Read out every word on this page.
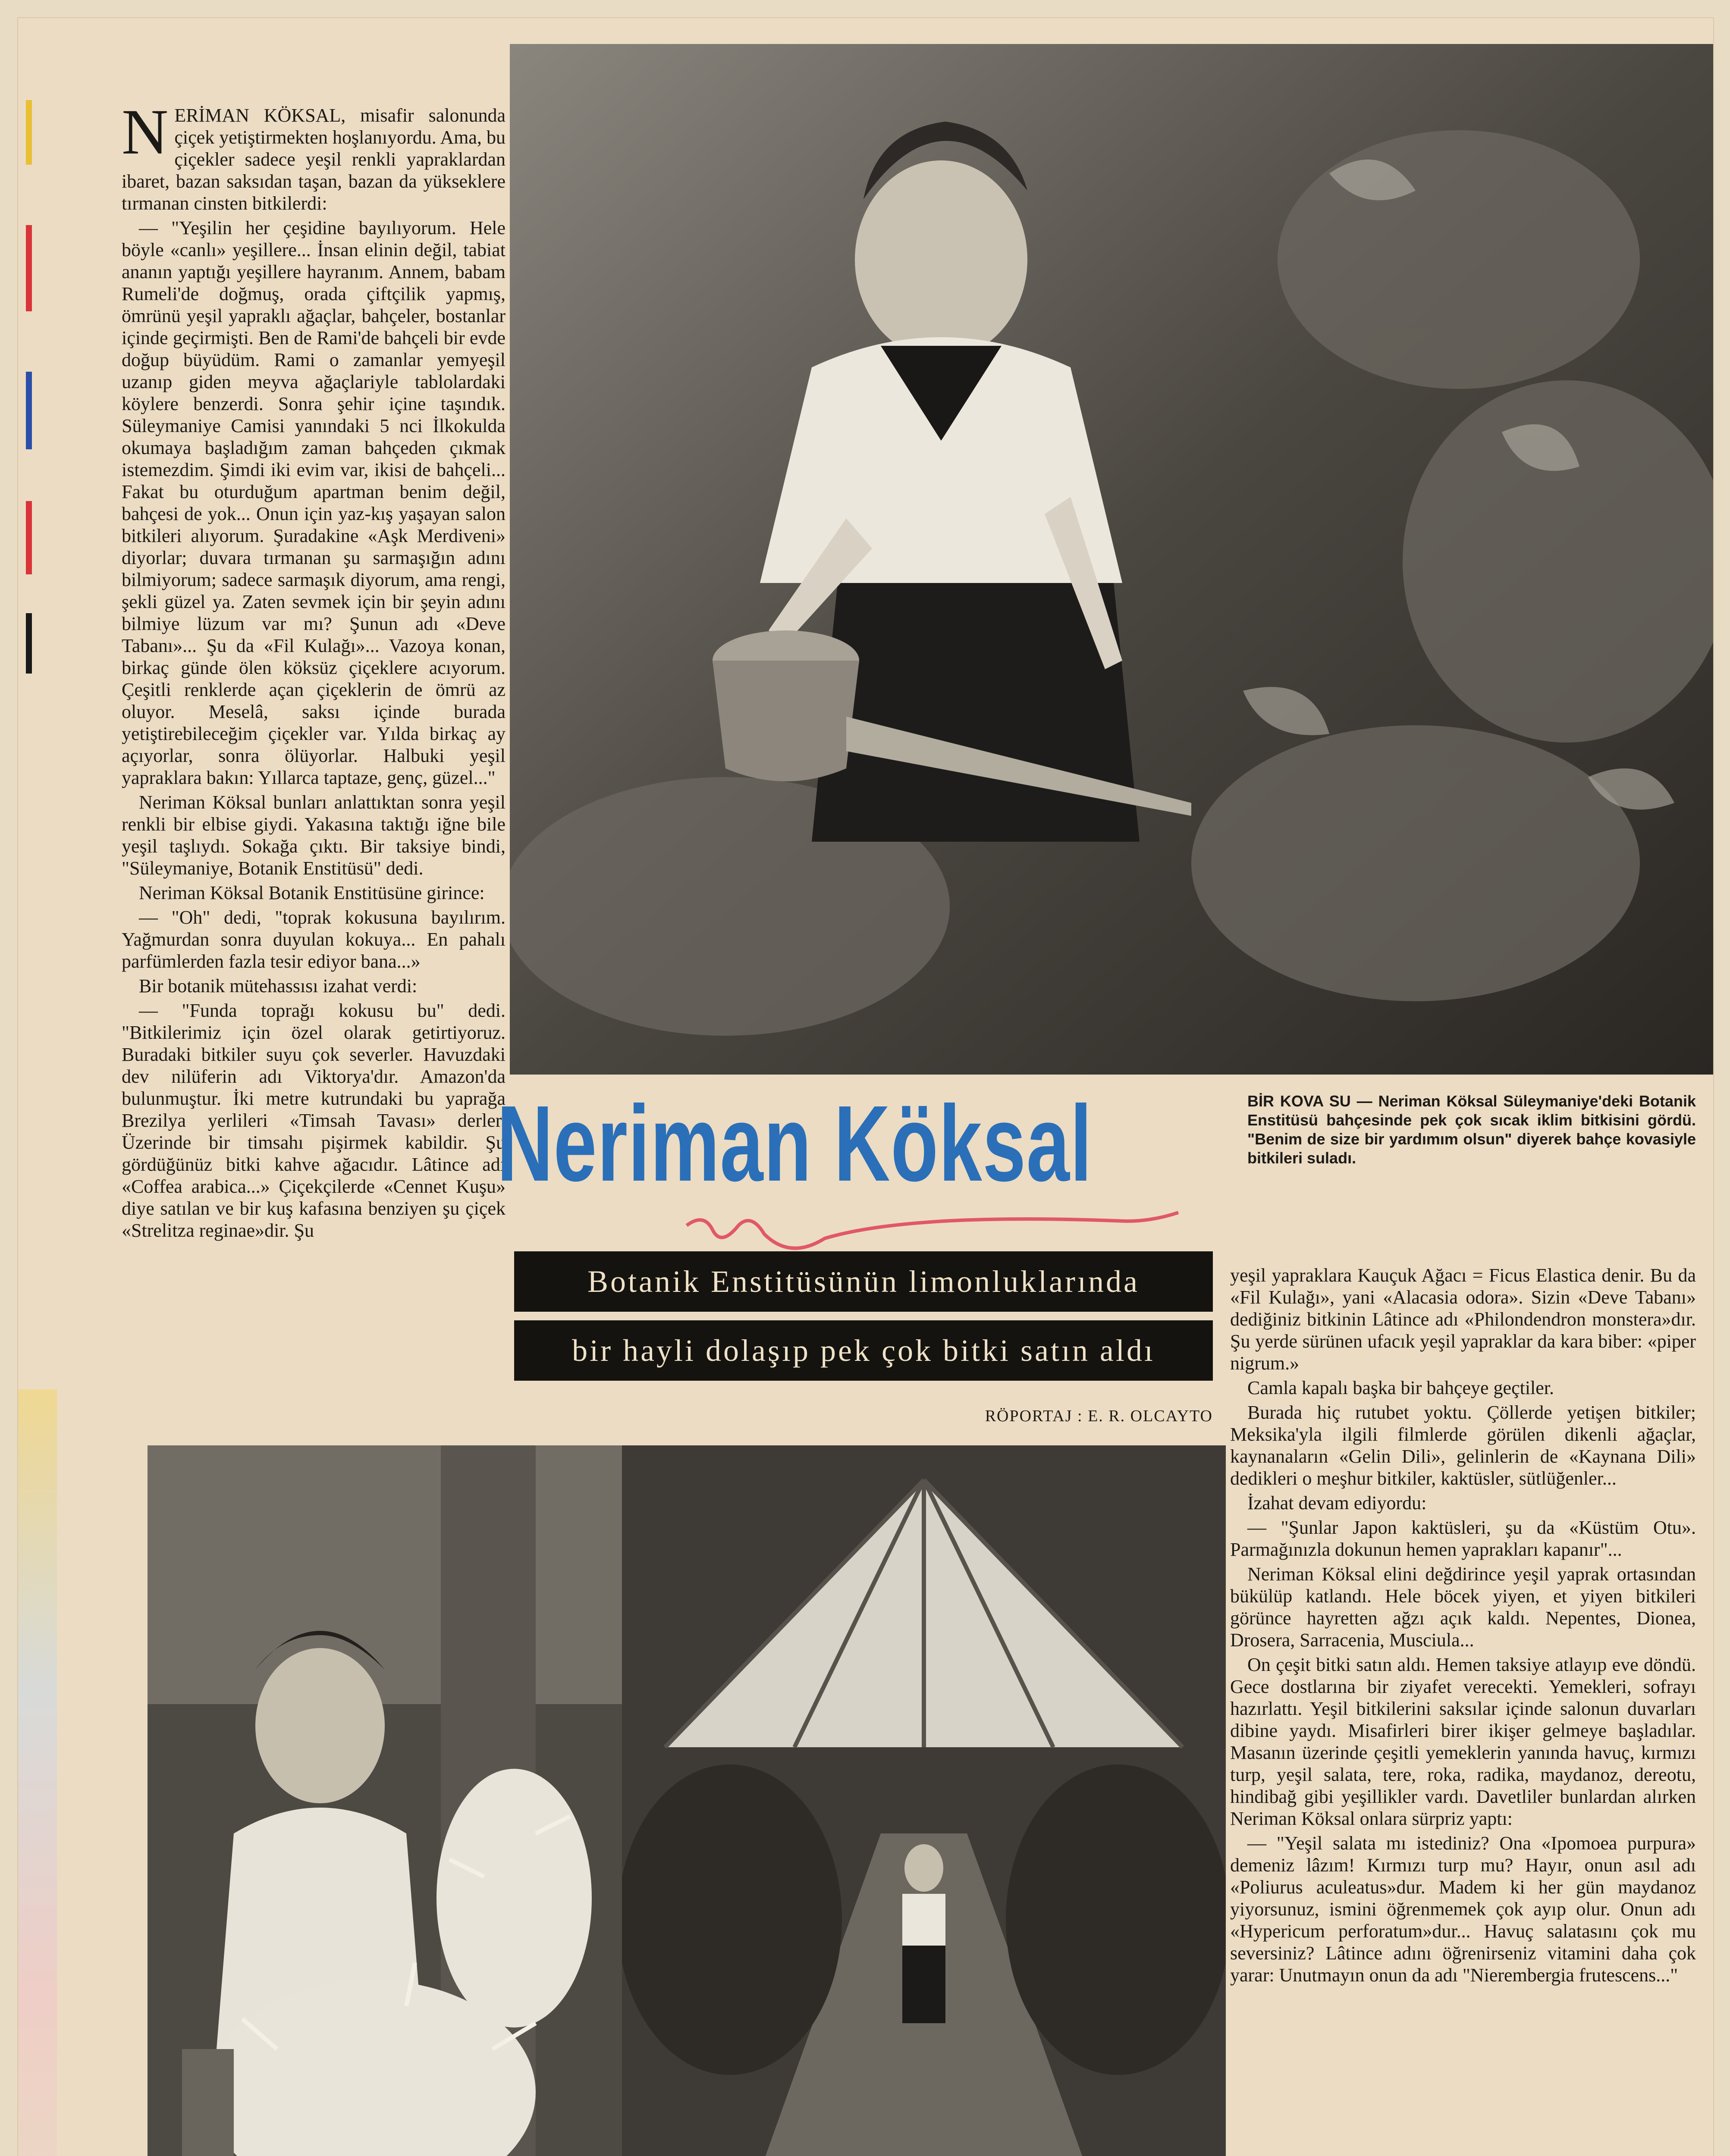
NERİMAN KÖKSAL, misafir salonunda çiçek yetiştirmekten hoşlanıyordu. Ama, bu çiçekler sadece yeşil renkli yapraklardan ibaret, bazan saksıdan taşan, bazan da yükseklere tırmanan cinsten bitkilerdi:

— "Yeşilin her çeşidine bayılıyorum. Hele böyle «canlı» yeşillere... İnsan elinin değil, tabiat ananın yaptığı yeşillere hayranım. Annem, babam Rumeli'de doğmuş, orada çiftçilik yapmış, ömrünü yeşil yapraklı ağaçlar, bahçeler, bostanlar içinde geçirmişti. Ben de Rami'de bahçeli bir evde doğup büyüdüm. Rami o zamanlar yemyeşil uzanıp giden meyva ağaçlariyle tablolardaki köylere benzerdi. Sonra şehir içine taşındık. Süleymaniye Camisi yanındaki 5 nci İlkokulda okumaya başladığım zaman bahçeden çıkmak istemezdim. Şimdi iki evim var, ikisi de bahçeli... Fakat bu oturduğum apartman benim değil, bahçesi de yok... Onun için yaz-kış yaşayan salon bitkileri alıyorum. Şuradakine «Aşk Merdiveni» diyorlar; duvara tırmanan şu sarmaşığın adını bilmiyorum; sadece sarmaşık diyorum, ama rengi, şekli güzel ya. Zaten sevmek için bir şeyin adını bilmiye lüzum var mı? Şunun adı «Deve Tabanı»... Şu da «Fil Kulağı»... Vazoya konan, birkaç günde ölen köksüz çiçeklere acıyorum. Çeşitli renklerde açan çiçeklerin de ömrü az oluyor. Meselâ, saksı içinde burada yetiştirebileceğim çiçekler var. Yılda birkaç ay açıyorlar, sonra ölüyorlar. Halbuki yeşil yapraklara bakın: Yıllarca taptaze, genç, güzel..."

Neriman Köksal bunları anlattıktan sonra yeşil renkli bir elbise giydi. Yakasına taktığı iğne bile yeşil taşlıydı. Sokağa çıktı. Bir taksiye bindi, "Süleymaniye, Botanik Enstitüsü" dedi.

Neriman Köksal Botanik Enstitüsüne girince:

— "Oh" dedi, "toprak kokusuna bayılırım. Yağmurdan sonra duyulan kokuya... En pahalı parfümlerden fazla tesir ediyor bana...»

Bir botanik mütehassısı izahat verdi:

— "Funda toprağı kokusu bu" dedi. "Bitkilerimiz için özel olarak getirtiyoruz. Buradaki bitkiler suyu çok severler. Havuzdaki dev nilüferin adı Viktorya'dır. Amazon'da bulunmuştur. İki metre kutrundaki bu yaprağa Brezilya yerlileri «Timsah Tavası» derler. Üzerinde bir timsahı pişirmek kabildir. Şu gördüğünüz bitki kahve ağacıdır. Lâtince adı «Coffea arabica...» Çiçekçilerde «Cennet Kuşu» diye satılan ve bir kuş kafasına benziyen şu çiçek «Strelitza reginae»dir. Şu

BİR KOVA SU — Neriman Köksal Süleymaniye'deki Botanik Enstitüsü bahçesinde pek çok sıcak iklim bitkisini gördü. "Benim de size bir yardımım olsun" diyerek bahçe kovasiyle bitkileri suladı.
Neriman Köksal
Botanik Enstitüsünün limonluklarında
bir hayli dolaşıp pek çok bitki satın aldı
RÖPORTAJ : E. R. OLCAYTO

yeşil yapraklara Kauçuk Ağacı = Ficus Elastica denir. Bu da «Fil Kulağı», yani «Alacasia odora». Sizin «Deve Tabanı» dediğiniz bitkinin Lâtince adı «Philondendron monstera»dır. Şu yerde sürünen ufacık yeşil yapraklar da kara biber: «piper nigrum.»

Camla kapalı başka bir bahçeye geçtiler.

Burada hiç rutubet yoktu. Çöllerde yetişen bitkiler; Meksika'yla ilgili filmlerde görülen dikenli ağaçlar, kaynanaların «Gelin Dili», gelinlerin de «Kaynana Dili» dedikleri o meşhur bitkiler, kaktüsler, sütlüğenler...

İzahat devam ediyordu:

— "Şunlar Japon kaktüsleri, şu da «Küstüm Otu». Parmağınızla dokunun hemen yaprakları kapanır"...

Neriman Köksal elini değdirince yeşil yaprak ortasından bükülüp katlandı. Hele böcek yiyen, et yiyen bitkileri görünce hayretten ağzı açık kaldı. Nepentes, Dionea, Drosera, Sarracenia, Musciula...

On çeşit bitki satın aldı. Hemen taksiye atlayıp eve döndü. Gece dostlarına bir ziyafet verecekti. Yemekleri, sofrayı hazırlattı. Yeşil bitkilerini saksılar içinde salonun duvarları dibine yaydı. Misafirleri birer ikişer gelmeye başladılar. Masanın üzerinde çeşitli yemeklerin yanında havuç, kırmızı turp, yeşil salata, tere, roka, radika, maydanoz, dereotu, hindibağ gibi yeşillikler vardı. Davetliler bunlardan alırken Neriman Köksal onlara sürpriz yaptı:

— "Yeşil salata mı istediniz? Ona «Ipomoea purpura» demeniz lâzım! Kırmızı turp mu? Hayır, onun asıl adı «Poliurus aculeatus»dur. Madem ki her gün maydanoz yiyorsunuz, ismini öğrenmemek çok ayıp olur. Onun adı «Hypericum perforatum»dur... Havuç salatasını çok mu seversiniz? Lâtince adını öğrenirseniz vitamini daha çok yarar: Unutmayın onun da adı "Nierembergia frutescens..."
